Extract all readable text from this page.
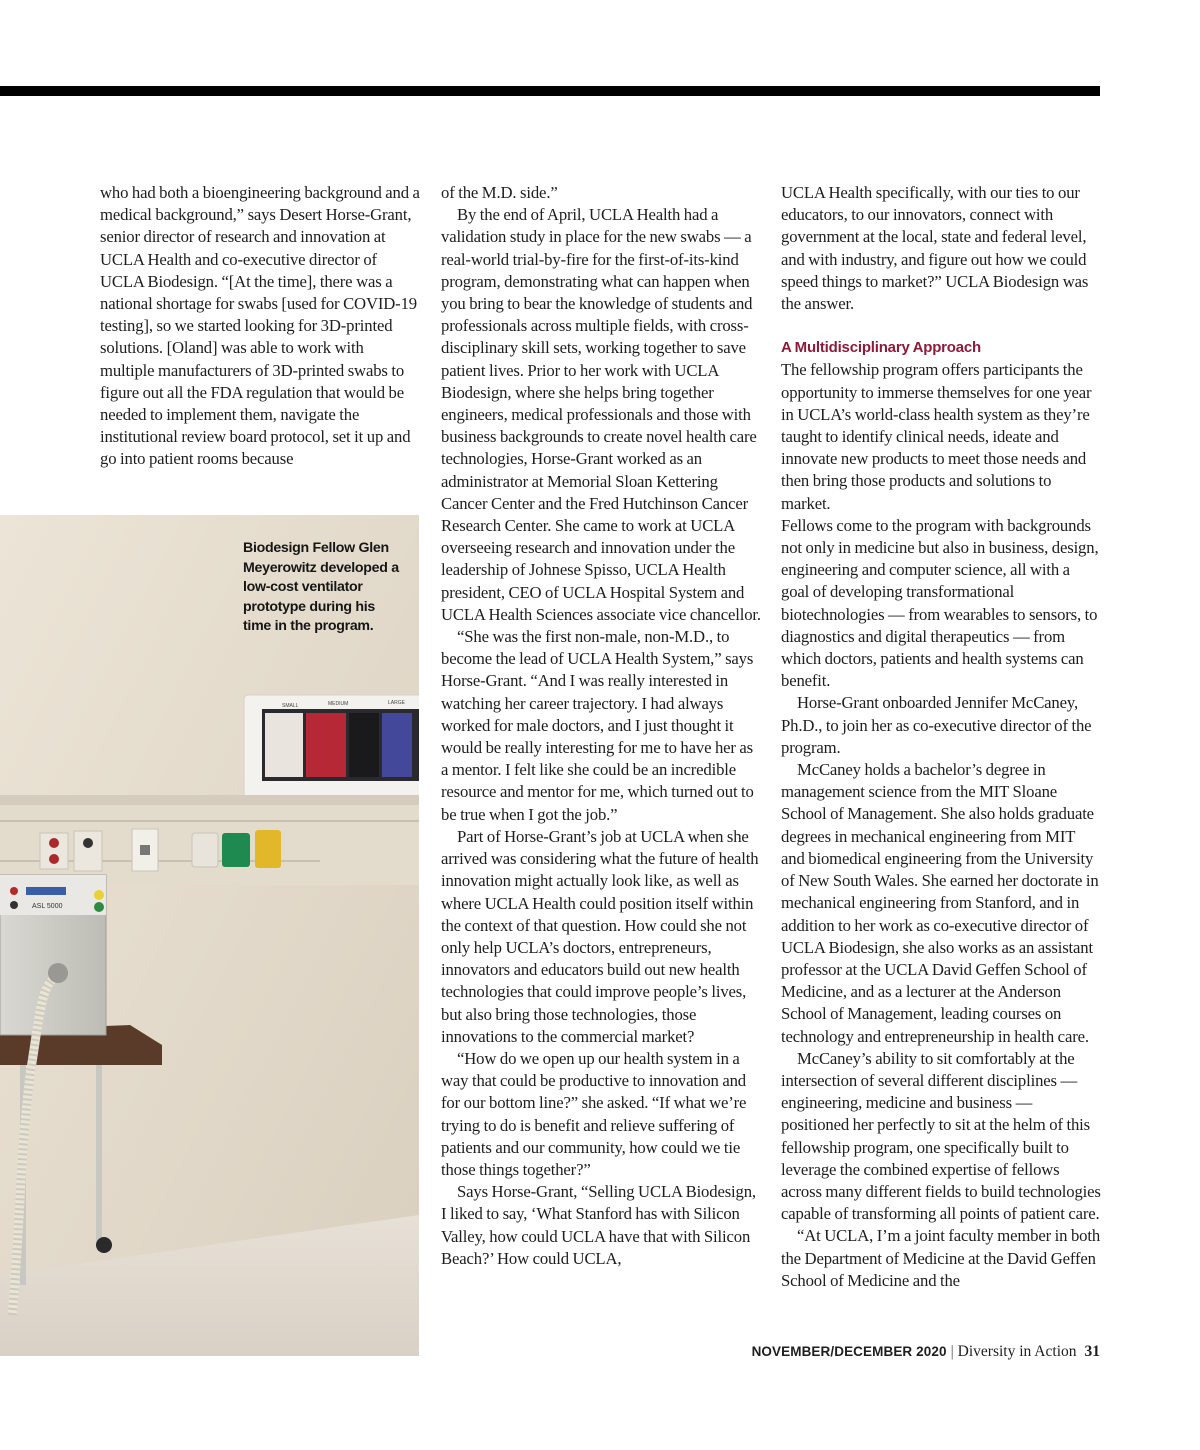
who had both a bioengineering background and a medical background,” says Desert Horse-Grant, senior director of research and innovation at UCLA Health and co-executive director of UCLA Biodesign. “[At the time], there was a national shortage for swabs [used for COVID-19 testing], so we started looking for 3D-printed solutions. [Oland] was able to work with multiple manufacturers of 3D-printed swabs to figure out all the FDA regulation that would be needed to implement them, navigate the institutional review board protocol, set it up and go into patient rooms because

SMALL	MEDIUM	LARGE
ASL 5000
Biodesign Fellow Glen Meyerowitz developed a low-cost ventilator prototype during his time in the program.

of the M.D. side.”

By the end of April, UCLA Health had a validation study in place for the new swabs — a real-world trial-by-fire for the first-of-its-kind program, demonstrating what can happen when you bring to bear the knowledge of students and professionals across multiple fields, with cross-disciplinary skill sets, working together to save patient lives. Prior to her work with UCLA Biodesign, where she helps bring together engineers, medical professionals and those with business backgrounds to create novel health care technologies, Horse-Grant worked as an administrator at Memorial Sloan Kettering Cancer Center and the Fred Hutchinson Cancer Research Center. She came to work at UCLA overseeing research and innovation under the leadership of Johnese Spisso, UCLA Health president, CEO of UCLA Hospital System and UCLA Health Sciences associate vice chancellor.

“She was the first non-male, non-M.D., to become the lead of UCLA Health System,” says Horse-Grant. “And I was really interested in watching her career trajectory. I had always worked for male doctors, and I just thought it would be really interesting for me to have her as a mentor. I felt like she could be an incredible resource and mentor for me, which turned out to be true when I got the job.”

Part of Horse-Grant’s job at UCLA when she arrived was considering what the future of health innovation might actually look like, as well as where UCLA Health could position itself within the context of that question. How could she not only help UCLA’s doctors, entrepreneurs, innovators and educators build out new health technologies that could improve people’s lives, but also bring those technologies, those innovations to the commercial market?

“How do we open up our health system in a way that could be productive to innovation and for our bottom line?” she asked. “If what we’re trying to do is benefit and relieve suffering of patients and our community, how could we tie those things together?”

Says Horse-Grant, “Selling UCLA Biodesign, I liked to say, ‘What Stanford has with Silicon Valley, how could UCLA have that with Silicon Beach?’ How could UCLA,

UCLA Health specifically, with our ties to our educators, to our innovators, connect with government at the local, state and federal level, and with industry, and figure out how we could speed things to market?” UCLA Biodesign was the answer.

A Multidisciplinary Approach

The fellowship program offers participants the opportunity to immerse themselves for one year in UCLA’s world-class health system as they’re taught to identify clinical needs, ideate and innovate new products to meet those needs and then bring those products and solutions to market.

Fellows come to the program with backgrounds not only in medicine but also in business, design, engineering and computer science, all with a goal of developing transformational biotechnologies — from wearables to sensors, to diagnostics and digital therapeutics — from which doctors, patients and health systems can benefit.

Horse-Grant onboarded Jennifer McCaney, Ph.D., to join her as co-executive director of the program.

McCaney holds a bachelor’s degree in management science from the MIT Sloane School of Management. She also holds graduate degrees in mechanical engineering from MIT and biomedical engineering from the University of New South Wales. She earned her doctorate in mechanical engineering from Stanford, and in addition to her work as co-executive director of UCLA Biodesign, she also works as an assistant professor at the UCLA David Geffen School of Medicine, and as a lecturer at the Anderson School of Management, leading courses on technology and entrepreneurship in health care.

McCaney’s ability to sit comfortably at the intersection of several different disciplines — engineering, medicine and business — positioned her perfectly to sit at the helm of this fellowship program, one specifically built to leverage the combined expertise of fellows across many different fields to build technologies capable of transforming all points of patient care.

“At UCLA, I’m a joint faculty member in both the Department of Medicine at the David Geffen School of Medicine and the

NOVEMBER/DECEMBER 2020 | Diversity in Action 31
